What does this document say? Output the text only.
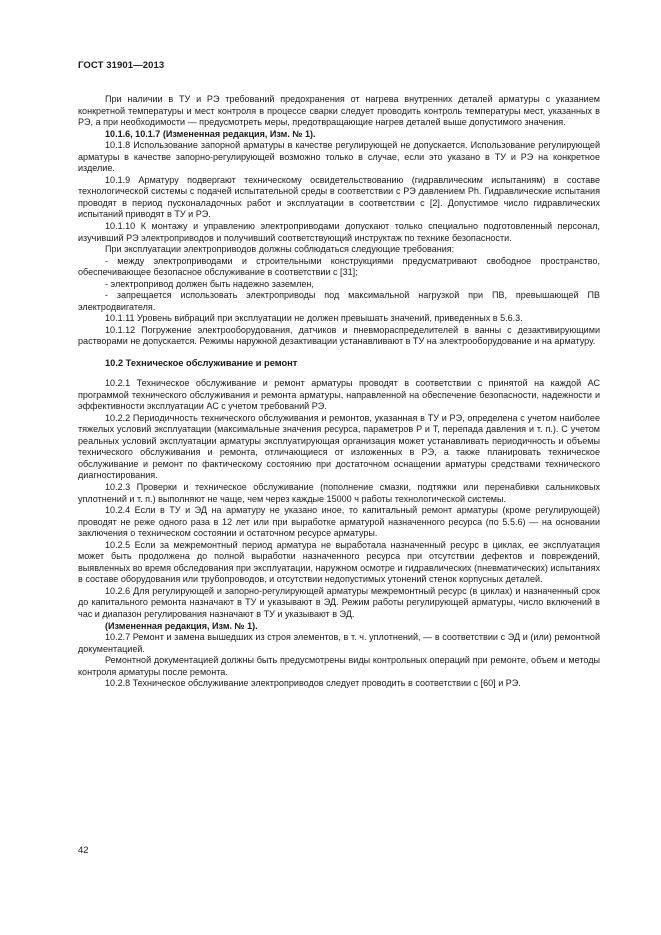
ГОСТ 31901—2013

При наличии в ТУ и РЭ требований предохранения от нагрева внутренних деталей арматуры с указанием конкретной температуры и мест контроля в процессе сварки следует проводить контроль температуры мест, указанных в РЭ, а при необходимости — предусмотреть меры, предотвращающие нагрев деталей выше допустимого значения.

10.1.6, 10.1.7 (Измененная редакция, Изм. № 1).

10.1.8 Использование запорной арматуры в качестве регулирующей не допускается. Использование регулирующей арматуры в качестве запорно-регулирующей возможно только в случае, если это указано в ТУ и РЭ на конкретное изделие.

10.1.9 Арматуру подвергают техническому освидетельствованию (гидравлическим испытаниям) в составе технологической системы с подачей испытательной среды в соответствии с РЭ давлением Ph. Гидравлические испытания проводят в период пусконаладочных работ и эксплуатации в соответствии с [2]. Допустимое число гидравлических испытаний приводят в ТУ и РЭ.

10.1.10 К монтажу и управлению электроприводами допускают только специально подготовленный персонал, изучивший РЭ электроприводов и получивший соответствующий инструктаж по технике безопасности.

При эксплуатации электроприводов должны соблюдаться следующие требования:

- между электроприводами и строительными конструкциями предусматривают свободное пространство, обеспечивающее безопасное обслуживание в соответствии с [31];

- электропривод должен быть надежно заземлен,

- запрещается использовать электроприводы под максимальной нагрузкой при ПВ, превышающей ПВ электродвигателя.

10.1.11 Уровень вибраций при эксплуатации не должен превышать значений, приведенных в 5.6.3.

10.1.12 Погружение электрооборудования, датчиков и пневмораспределителей в ванны с дезактивирующими растворами не допускается. Режимы наружной дезактивации устанавливают в ТУ на электрооборудование и на арматуру.

10.2 Техническое обслуживание и ремонт

10.2.1 Техническое обслуживание и ремонт арматуры проводят в соответствии с принятой на каждой АС программой технического обслуживания и ремонта арматуры, направленной на обеспечение безопасности, надежности и эффективности эксплуатации АС с учетом требований РЭ.

10.2.2 Периодичность технического обслуживания и ремонтов, указанная в ТУ и РЭ, определена с учетом наиболее тяжелых условий эксплуатации (максимальные значения ресурса, параметров P и T, перепада давления и т. п.). С учетом реальных условий эксплуатации арматуры эксплуатирующая организация может устанавливать периодичность и объемы технического обслуживания и ремонта, отличающиеся от изложенных в РЭ, а также планировать техническое обслуживание и ремонт по фактическому состоянию при достаточном оснащении арматуры средствами технического диагностирования.

10.2.3 Проверки и техническое обслуживание (пополнение смазки, подтяжки или перенабивки сальниковых уплотнений и т. п.) выполняют не чаще, чем через каждые 15000 ч работы технологической системы.

10.2.4 Если в ТУ и ЭД на арматуру не указано иное, то капитальный ремонт арматуры (кроме регулирующей) проводят не реже одного раза в 12 лет или при выработке арматурой назначенного ресурса (по 5.5.6) — на основании заключения о техническом состоянии и остаточном ресурсе арматуры.

10.2.5 Если за межремонтный период арматура не выработала назначенный ресурс в циклах, ее эксплуатация может быть продолжена до полной выработки назначенного ресурса при отсутствии дефектов и повреждений, выявленных во время обследования при эксплуатации, наружном осмотре и гидравлических (пневматических) испытаниях в составе оборудования или трубопроводов, и отсутствии недопустимых утонений стенок корпусных деталей.

10.2.6 Для регулирующей и запорно-регулирующей арматуры межремонтный ресурс (в циклах) и назначенный срок до капитального ремонта назначают в ТУ и указывают в ЭД. Режим работы регулирующей арматуры, число включений в час и диапазон регулирования назначают в ТУ и указывают в ЭД.

(Измененная редакция, Изм. № 1).

10.2.7 Ремонт и замена вышедших из строя элементов, в т. ч. уплотнений, — в соответствии с ЭД и (или) ремонтной документацией.

Ремонтной документацией должны быть предусмотрены виды контрольных операций при ремонте, объем и методы контроля арматуры после ремонта.

10.2.8 Техническое обслуживание электроприводов следует проводить в соответствии с [60] и РЭ.

42
